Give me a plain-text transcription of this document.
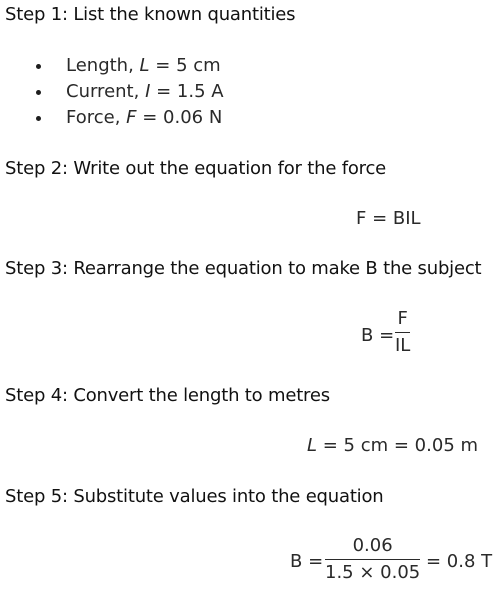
Step 1: List the known quantities
Length, L = 5 cm
Current, I = 1.5 A
Force, F = 0.06 N
Step 2: Write out the equation for the force
F = BIL
Step 3: Rearrange the equation to make B the subject
B =
F
IL
Step 4: Convert the length to metres
L = 5 cm = 0.05 m
Step 5: Substitute values into the equation
B =
0.06
1.5 × 0.05
= 0.8 T
